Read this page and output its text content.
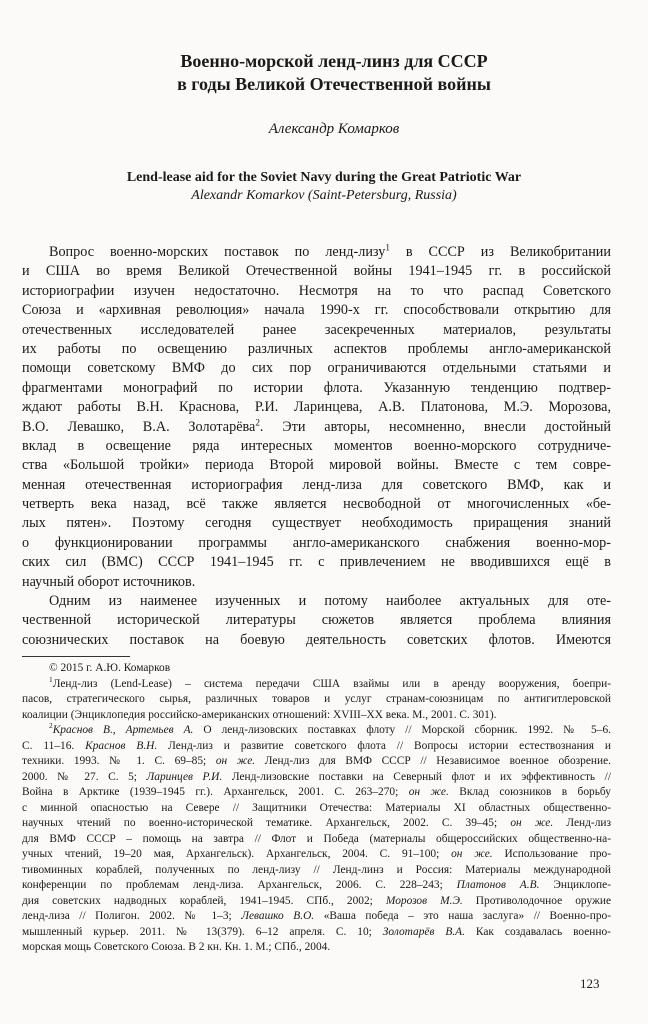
Военно-морской ленд-линз для СССР
в годы Великой Отечественной войны
Александр Комарков
Lend-lease aid for the Soviet Navy during the Great Patriotic War
Alexandr Komarkov (Saint-Petersburg, Russia)
Вопрос военно-морских поставок по ленд-лизу$^1$ в СССР из Великобритании
и США во время Великой Отечественной войны 1941–1945 гг. в российской
историографии изучен недостаточно. Несмотря на то что распад Советского
Союза и «архивная революция» начала 1990-х гг. способствовали открытию для
отечественных исследователей ранее засекреченных материалов, результаты
их работы по освещению различных аспектов проблемы англо-американской
помощи советскому ВМФ до сих пор ограничиваются отдельными статьями и
фрагментами монографий по истории флота. Указанную тенденцию подтвер-
ждают работы В.Н. Краснова, Р.И. Ларинцева, А.В. Платонова, М.Э. Морозова,
В.О. Левашко, В.А. Золотарёва$^2$. Эти авторы, несомненно, внесли достойный
вклад в освещение ряда интересных моментов военно-морского сотрудниче-
ства «Большой тройки» периода Второй мировой войны. Вместе с тем совре-
менная отечественная историография ленд-лиза для советского ВМФ, как и
четверть века назад, всё также является несвободной от многочисленных «бе-
лых пятен». Поэтому сегодня существует необходимость приращения знаний
о функционировании программы англо-американского снабжения военно-мор-
ских сил (ВМС) СССР 1941–1945 гг. с привлечением не вводившихся ещё в
научный оборот источников.
Одним из наименее изученных и потому наиболее актуальных для оте-
чественной исторической литературы сюжетов является проблема влияния
союзнических поставок на боевую деятельность советских флотов. Имеются
© 2015 г. А.Ю. Комарков
$^1$Ленд-лиз (Lend-Lease) – система передачи США взаймы или в аренду вооружения, боепри-
пасов, стратегического сырья, различных товаров и услуг странам-союзницам по антигитлеровской
коалиции (Энциклопедия российско-американских отношений: XVIII–XX века. М., 2001. С. 301).
$^2$Краснов В., Артемьев А. О ленд-лизовских поставках флоту // Морской сборник. 1992. № 5–6.
С. 11–16. Краснов В.Н. Ленд-лиз и развитие советского флота // Вопросы истории естествознания и
техники. 1993. № 1. С. 69–85; он же. Ленд-лиз для ВМФ СССР // Независимое военное обозрение.
2000. № 27. С. 5; Ларинцев Р.И. Ленд-лизовские поставки на Северный флот и их эффективность //
Война в Арктике (1939–1945 гг.). Архангельск, 2001. С. 263–270; он же. Вклад союзников в борьбу
с минной опасностью на Севере // Защитники Отечества: Материалы XI областных общественно-
научных чтений по военно-исторической тематике. Архангельск, 2002. С. 39–45; он же. Ленд-лиз
для ВМФ СССР – помощь на завтра // Флот и Победа (материалы общероссийских общественно-на-
учных чтений, 19–20 мая, Архангельск). Архангельск, 2004. С. 91–100; он же. Использование про-
тивоминных кораблей, полученных по ленд-лизу // Ленд-линз и Россия: Материалы международной
конференции по проблемам ленд-лиза. Архангельск, 2006. С. 228–243; Платонов А.В. Энциклопе-
дия советских надводных кораблей, 1941–1945. СПб., 2002; Морозов М.Э. Противолодочное оружие
ленд-лиза // Полигон. 2002. № 1–3; Левашко В.О. «Ваша победа – это наша заслуга» // Военно-про-
мышленный курьер. 2011. № 13(379). 6–12 апреля. С. 10; Золотарёв В.А. Как создавалась военно-
морская мощь Советского Союза. В 2 кн. Кн. 1. М.; СПб., 2004.
123
